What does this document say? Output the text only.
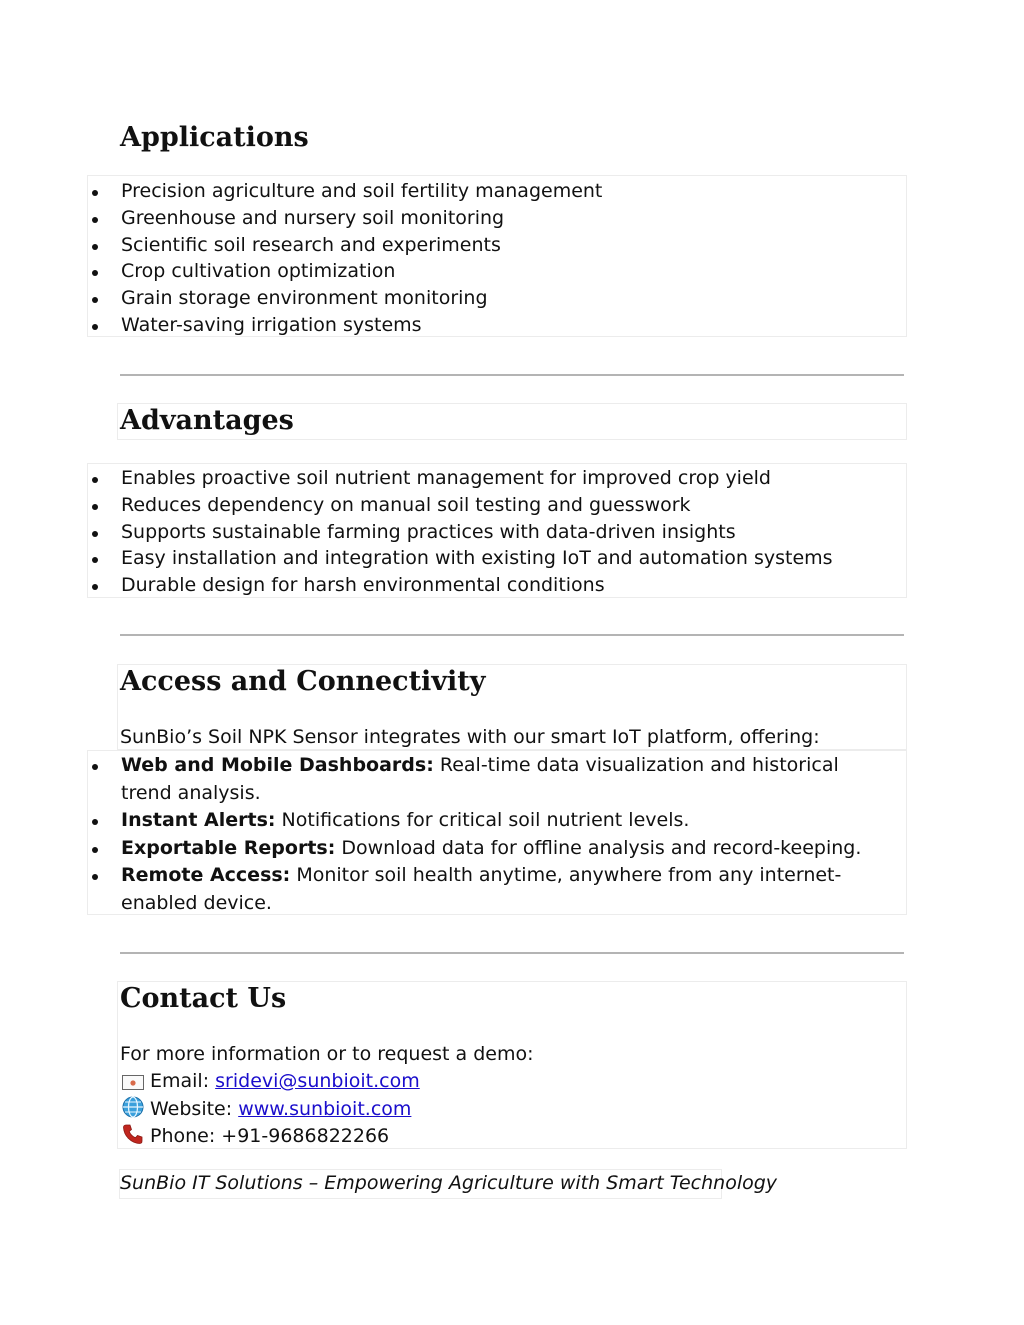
Applications
Precision agriculture and soil fertility management
Greenhouse and nursery soil monitoring
Scientific soil research and experiments
Crop cultivation optimization
Grain storage environment monitoring
Water-saving irrigation systems
Advantages
Enables proactive soil nutrient management for improved crop yield
Reduces dependency on manual soil testing and guesswork
Supports sustainable farming practices with data-driven insights
Easy installation and integration with existing IoT and automation systems
Durable design for harsh environmental conditions
Access and Connectivity
SunBio’s Soil NPK Sensor integrates with our smart IoT platform, offering:
Web and Mobile Dashboards: Real-time data visualization and historical trend analysis.
Instant Alerts: Notifications for critical soil nutrient levels.
Exportable Reports: Download data for offline analysis and record-keeping.
Remote Access: Monitor soil health anytime, anywhere from any internet-enabled device.
Contact Us
For more information or to request a demo:
Email: sridevi@sunbioit.com
Website: www.sunbioit.com
Phone: +91-9686822266
SunBio IT Solutions – Empowering Agriculture with Smart Technology
